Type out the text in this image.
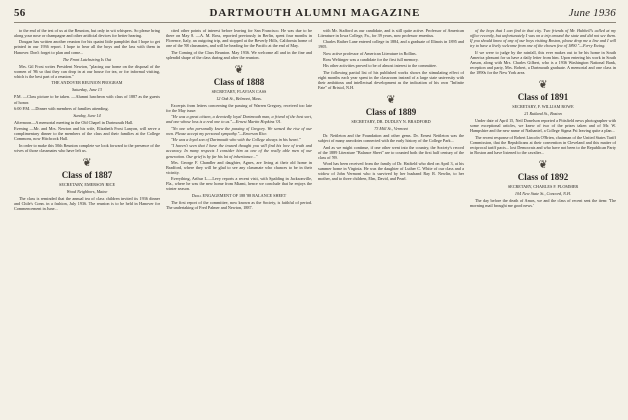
56	DARTMOUTH ALUMNI MAGAZINE	June 1936

to the end of the test of us at the Reunion, but only in wit whispers. So please bring along your nose or champagne and other artificial devices for better hearing.

Dougan has written another reunion for his quaint little pamphlet that I hope to get printed in our 1936 report. I hope to hear all the boys and the lass with them in Hanover. Don't forget to plan and come...

The Front Latchstring Is Out

Mrs. Gil Frost writes President Newton, "placing our home on the disposal of the women of '86 so that they can drop in at our house for tea, or for informal visiting, which is the best part of a reunion."

THE ANDOVER REUNION PROGRAM

Saturday, June 13

P.M. —Class picture to be taken. —Alumni luncheon with class of 1887 as the guests of honor.

6:00 P.M. —Dinner with members of families attending.

Sunday, June 14

Afternoon—A memorial meeting in the Old Chapel in Dartmouth Hall.

Evening —Mr. and Mrs. Newton and his wife, Elizabeth Frost Lanyon, will serve a complimentary dinner to the members of the class and their families at the College Commons, now Hitchcock Hall.

In order to make this 50th Reunion complete we look forward to the presence of the wives of those classmates who have left us.

❦

Class of 1887

SECRETARY, EMERSON RICE

Wood Neighbors, Maine

The class is reminded that the annual tea of class children invited its 1936 dinner and Chile's Conn. in a fashion, July 1936. The reunion is to be held in Hanover for Commencement in June...

cited other points of interest before leaving for San Francisco. He was due to be there on May 8. —A. M. Ross, reported previously in Berlin, spent four months in Florence, Italy, an outgoing trip, and stopped at the Beverly Hills, California home of one of the '88 classmates, and will be heading for the Pacific at the end of May.

The Coming of the Class Reunion. May 1936. We welcome all and in the fine and splendid shape of the class during and after the reunion.

❦

Class of 1888

SECRETARY, FLAVIAN CASS

12 Oak St., Belmont, Mass.

Excerpts from letters concerning the passing of Warren Gregory, received too late for the May issue:

"He was a great citizen, a devotedly loyal Dartmouth man, a friend of the best sort, and one whose loss is a real one to us."—Ernest Martin Hopkins '01.

"No one who personally knew the passing of Gregory. We sensed the rise of our own. Please accept my personal sympathy."—Emerson Rice.

"He was a loyal son of Dartmouth who with the College always in his heart."

"I haven't seen that I have the inward thought you will find his love of truth and accuracy. In many respects I consider him as one of the really able men of our generation. Our grief is by far his lot of inheritance..."

Mrs. George F. Chandler and daughter, Agnes, are living at their old home in Bradford, where they will be glad to see any classmate who chances to be in their vicinity.

Everything, Arthur L.—Levy reports a recent visit, with Spalding in Jacksonville, Fla., where he was the new home from Miami, hence we conclude that he enjoys the winter season.

Drill ENGAGEMENT OF 188 '88 BALANCE SHEET

The first report of the committee, now known as the Society, is faithful of period. The undertaking of Fred Palmer and Newton, 1887.

with Mr. Stafford as our candidate, and is still quite active. Professor of American Literature in Iowa College, Fa., for 39 years, now professor emeritus.

Charles Rather Lane entered college in 1884, and a graduate of Illinois in 1895 and 1905.

Now active professor of American Literature in Rollins.

Ross Weltinger was a candidate for the first full memory.

His other activities proved to be of almost interest to the committee.

The following partial list of his published works shows the stimulating effect of eight months each year spent in the classroom instead of a large state university with their ambitious and intellectual development as the indication of his own "Infinite Fate" of Bristol, N.H.

❦

Class of 1889

SECRETARY, DR. DUDLEY N. BRADFORD

73 Mill St., Vermont

Dr. Nettleton and the Foundation and other gems. Dr. Ernest Nettleton was the subject of many anecdotes connected with the early history of the College Park...

And as we might continue, if one other went into the country, the Society's record of the 1889 Literature "Balance Sheet" are to counted both the first half century of the class of '89.

Word has been received from the family of Dr. Hatfield who died on April 3, at his summer home in Virginia. He was the daughter of Luther C. White of our class and a widow of John Vermont who is survived by her husband Ray R. Newlin, to her mother, and to three children, Elm, David, and Pearl.

of the boys that I can find in that city. Two friends of Mr. Hubbell's called at my office recently, but unfortunately I was on a trip around the state and did not see them. If you should know of any of our boys visiting Boston, please drop me a line and I will try to have a lively welcome from one of the chosen few of 1890."—Ferry Ewing.

If we were to judge by the rainfall, this ever makes out to be his home in South America pleasant for us have a daily letter from him. Upon entering his work in South Anson, along with Mrs. Charles Gilbert, who is a 1936 Washington National Bank, reception and party, Mrs. Robert, a Dartmouth graduate. A memorial and one class in the 1890s for the New York area.

❦

Class of 1891

SECRETARY, F. WILLIAM ROWE

21 Rutland St., Boston

Under date of April 15, Neil Donelson reported a Pittsfield news photographer with some exceptional articles, we knew of two of the prizes taken and of Mr. W. Hampshire and the new name of Nathaniel, a College Sigma Psi leaving quite a plan...

The recent response of Robert Lincoln O'Brien, chairman of the United States Tariff Commission, that the Republicans at their convention in Cleveland and this matter of reciprocal tariff pacts... lost Democrats and who have not been to the Republican Party in Boston and have listened to the cavalier...

❦

Class of 1892

SECRETARY, CHARLES F. PLOMMER

104 New State St., Concord, N.H.

The day before the death of Amos, we and the class of recent sent the item: 'The morning mail brought me good news.'
